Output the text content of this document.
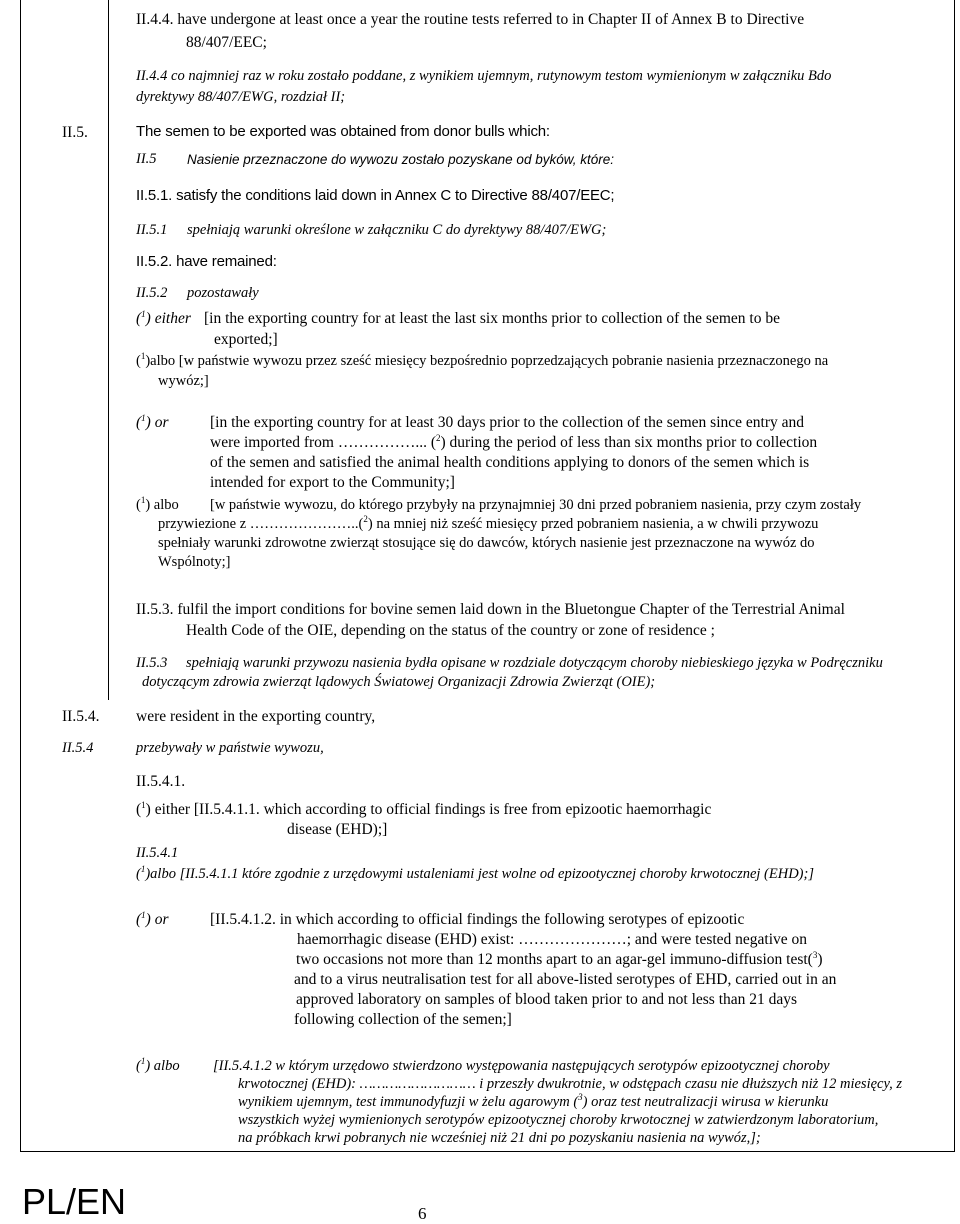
II.4.4. have undergone at least once a year the routine tests referred to in Chapter II of Annex B to Directive
88/407/EEC;
II.4.4 co najmniej raz w roku zostało poddane, z wynikiem ujemnym, rutynowym testom wymienionym w załączniku Bdo
dyrektywy 88/407/EWG, rozdział II;
II.5.	The semen to be exported was obtained from donor bulls which:
II.5 Nasienie przeznaczone do wywozu zostało pozyskane od byków, które:
II.5.1. satisfy the conditions laid down in Annex C to Directive 88/407/EEC;
II.5.1 spełniają warunki określone w załączniku C do dyrektywy 88/407/EWG;
II.5.2. have remained:
II.5.2 pozostawały
($^1$) either [in the exporting country for at least the last six months prior to collection of the semen to be
exported;]
($^1$)albo [w państwie wywozu przez sześć miesięcy bezpośrednio poprzedzających pobranie nasienia przeznaczonego na
wywóz;]
($^1$) or	[in the exporting country for at least 30 days prior to the collection of the semen since entry and
were imported from ……………... ($^2$) during the period of less than six months prior to collection
of the semen and satisfied the animal health conditions applying to donors of the semen which is
intended for export to the Community;]
($^1$) albo [w państwie wywozu, do którego przybyły na przynajmniej 30 dni przed pobraniem nasienia, przy czym zostały
przywiezione z …………………..($^2$) na mniej niż sześć miesięcy przed pobraniem nasienia, a w chwili przywozu
spełniały warunki zdrowotne zwierząt stosujące się do dawców, których nasienie jest przeznaczone na wywóz do
Wspólnoty;]
II.5.3. fulfil the import conditions for bovine semen laid down in the Bluetongue Chapter of the Terrestrial Animal
Health Code of the OIE, depending on the status of the country or zone of residence ;
II.5.3 spełniają warunki przywozu nasienia bydła opisane w rozdziale dotyczącym choroby niebieskiego języka w Podręczniku
dotyczącym zdrowia zwierząt lądowych Światowej Organizacji Zdrowia Zwierząt (OIE);
II.5.4. were resident in the exporting country,
II.5.4	przebywały w państwie wywozu,
II.5.4.1.
($^1$) either [II.5.4.1.1. which according to official findings is free from epizootic haemorrhagic
disease (EHD);]
II.5.4.1
($^1$)albo [II.5.4.1.1 które zgodnie z urzędowymi ustaleniami jest wolne od epizootycznej choroby krwotocznej (EHD);]
($^1$) or	[II.5.4.1.2. in which according to official findings the following serotypes of epizootic
haemorrhagic disease (EHD) exist: …………………; and were tested negative on
two occasions not more than 12 months apart to an agar-gel immuno-diffusion test($^3$)
and to a virus neutralisation test for all above-listed serotypes of EHD, carried out in an
approved laboratory on samples of blood taken prior to and not less than 21 days
following collection of the semen;]
($^1$) albo [II.5.4.1.2 w którym urzędowo stwierdzono występowania następujących serotypów epizootycznej choroby
krwotocznej (EHD): ……………………… i przeszły dwukrotnie, w odstępach czasu nie dłuższych niż 12 miesięcy, z
wynikiem ujemnym, test immunodyfuzji w żelu agarowym ($^3$) oraz test neutralizacji wirusa w kierunku
wszystkich wyżej wymienionych serotypów epizootycznej choroby krwotocznej w zatwierdzonym laboratorium,
na próbkach krwi pobranych nie wcześniej niż 21 dni po pozyskaniu nasienia na wywóz,];
PL/EN	6
